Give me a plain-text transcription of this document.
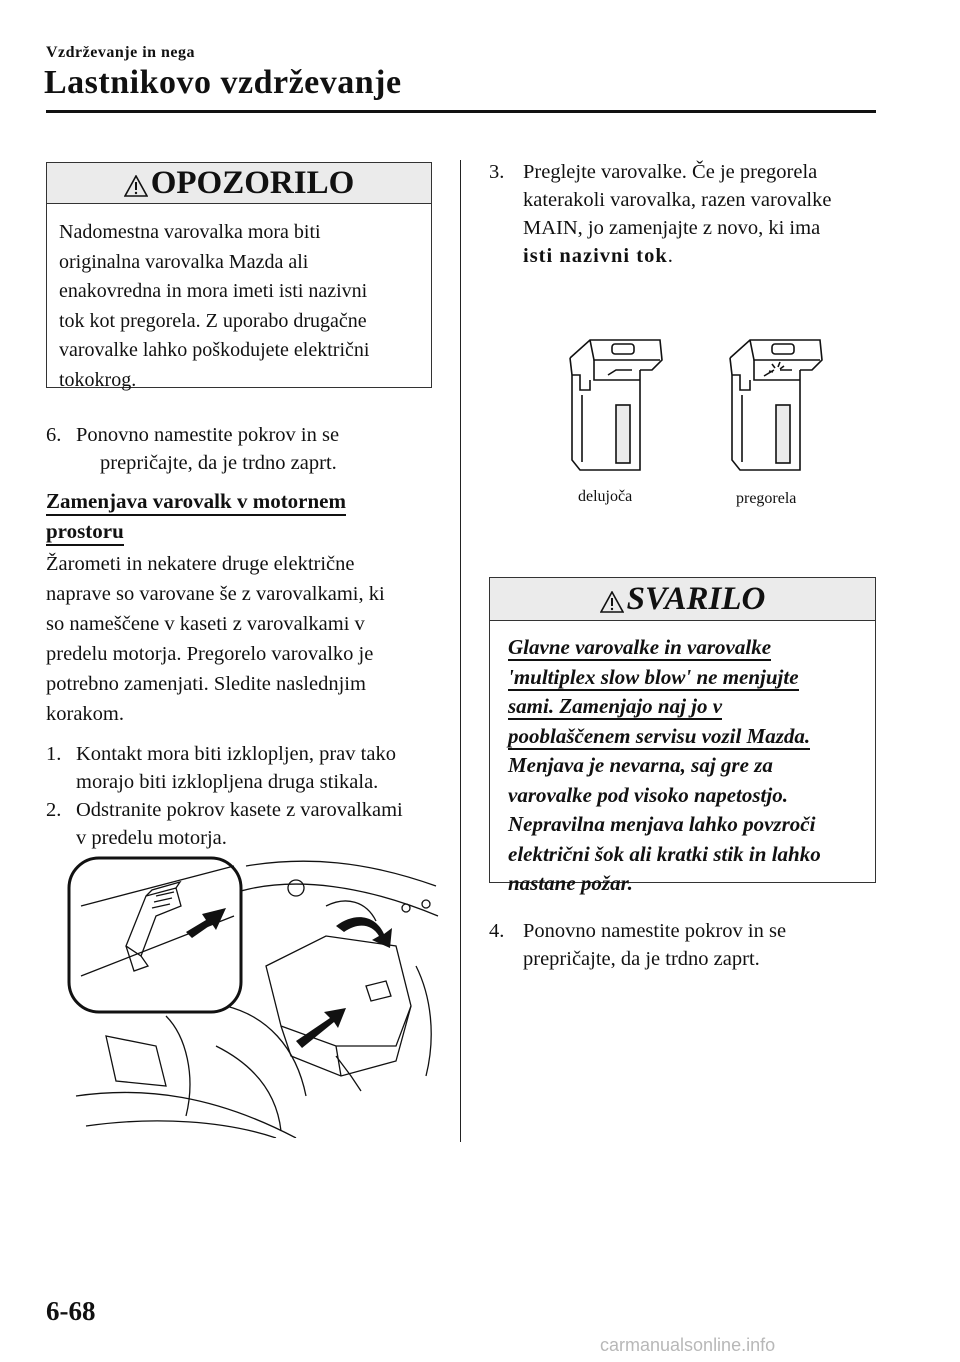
Vzdrževanje in nega
Lastnikovo vzdrževanje
OPOZORILO
Nadomestna varovalka mora biti
originalna varovalka Mazda ali
enakovredna in mora imeti isti nazivni
tok kot pregorela. Z uporabo drugačne
varovalke lahko poškodujete električni
tokokrog.
6. Ponovno namestite pokrov in se
prepričajte, da je trdno zaprt.
Zamenjava varovalk v motornem
prostoru
Žarometi in nekatere druge električne
naprave so varovane še z varovalkami, ki
so nameščene v kaseti z varovalkami v
predelu motorja. Pregorelo varovalko je
potrebno zamenjati. Sledite naslednjim
korakom.
1. Kontakt mora biti izklopljen, prav tako
morajo biti izklopljena druga stikala.
2. Odstranite pokrov kasete z varovalkami
v predelu motorja.
3. Preglejte varovalke. Če je pregorela
katerakoli varovalka, razen varovalke
MAIN, jo zamenjajte z novo, ki ima
isti nazivni tok.
delujoča	pregorela
SVARILO
Glavne varovalke in varovalke
'multiplex slow blow' ne menjujte
sami. Zamenjajo naj jo v
pooblaščenem servisu vozil Mazda.
Menjava je nevarna, saj gre za
varovalke pod visoko napetostjo.
Nepravilna menjava lahko povzroči
električni šok ali kratki stik in lahko
nastane požar.
4. Ponovno namestite pokrov in se
prepričajte, da je trdno zaprt.
6-68
carmanualsonline.info
